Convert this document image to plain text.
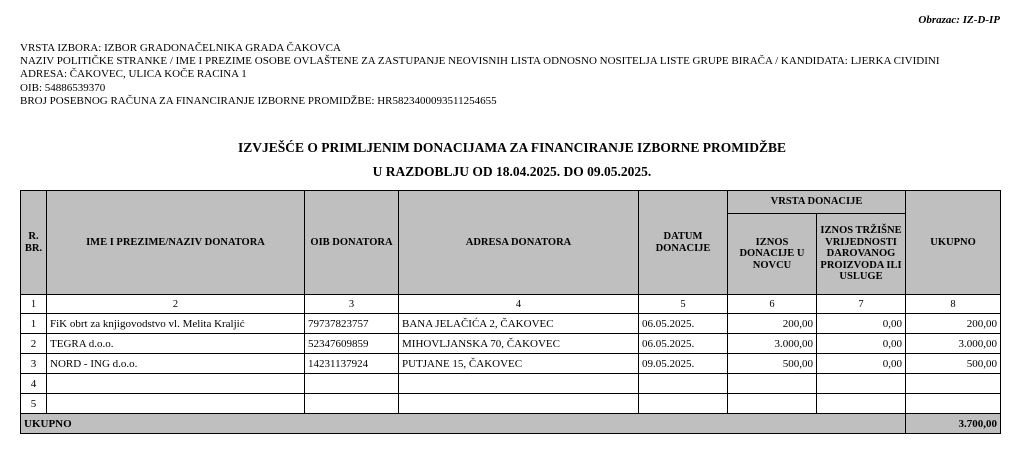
Obrazac: IZ-D-IP
VRSTA IZBORA: IZBOR GRADONAČELNIKA GRADA ČAKOVCA
NAZIV POLITIČKE STRANKE / IME I PREZIME OSOBE OVLAŠTENE ZA ZASTUPANJE NEOVISNIH LISTA ODNOSNO NOSITELJA LISTE GRUPE BIRAČA / KANDIDATA: LJERKA CIVIDINI
ADRESA: ČAKOVEC, ULICA KOČE RACINA 1
OIB: 54886539370
BROJ POSEBNOG RAČUNA ZA FINANCIRANJE IZBORNE PROMIDŽBE: HR5823400093511254655
IZVJEŠĆE O PRIMLJENIM DONACIJAMA ZA FINANCIRANJE IZBORNE PROMIDŽBE
U RAZDOBLJU OD 18.04.2025. DO 09.05.2025.
R. BR.	IME I PREZIME/NAZIV DONATORA	OIB DONATORA	ADRESA DONATORA	DATUM DONACIJE	VRSTA DONACIJE		UKUPNO
					IZNOS DONACIJE U NOVCU	IZNOS TRŽIŠNE VRIJEDNOSTI DAROVANOG PROIZVODA ILI USLUGE	
1	2	3	4	5	6	7	8
1	FiK obrt za knjigovodstvo vl. Melita Kraljić	79737823757	BANA JELAČIĆA 2, ČAKOVEC	06.05.2025.	200,00	0,00	200,00
2	TEGRA d.o.o.	52347609859	MIHOVLJANSKA 70, ČAKOVEC	06.05.2025.	3.000,00	0,00	3.000,00
3	NORD - ING d.o.o.	14231137924	PUTJANE 15, ČAKOVEC	09.05.2025.	500,00	0,00	500,00
4							
5							
UKUPNO							3.700,00
